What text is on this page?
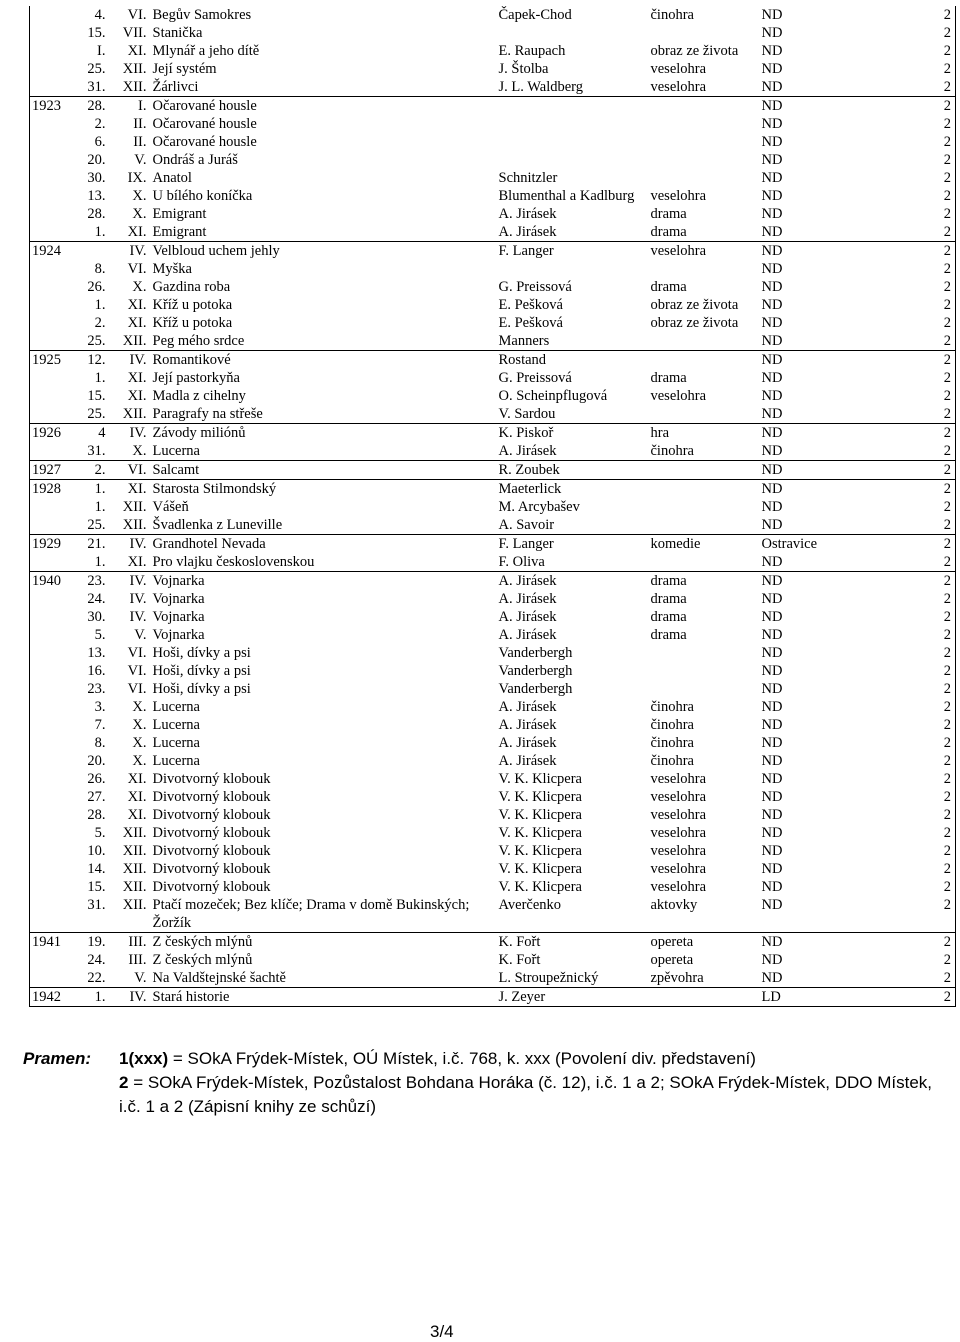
	4.	VI.	Begův Samokres	Čapek-Chod	činohra	ND	2
	15.	VII.	Stanička			ND	2
	I.	XI.	Mlynář a jeho dítě	E. Raupach	obraz ze života	ND	2
	25.	XII.	Její systém	J. Štolba	veselohra	ND	2
	31.	XII.	Žárlivci	J. L. Waldberg	veselohra	ND	2
1923	28.	I.	Očarované housle			ND	2
	2.	II.	Očarované housle			ND	2
	6.	II.	Očarované housle			ND	2
	20.	V.	Ondráš a Juráš			ND	2
	30.	IX.	Anatol	Schnitzler		ND	2
	13.	X.	U bílého koníčka	Blumenthal a Kadlburg	veselohra	ND	2
	28.	X.	Emigrant	A. Jirásek	drama	ND	2
	1.	XI.	Emigrant	A. Jirásek	drama	ND	2
1924		IV.	Velbloud uchem jehly	F. Langer	veselohra	ND	2
	8.	VI.	Myška			ND	2
	26.	X.	Gazdina roba	G. Preissová	drama	ND	2
	1.	XI.	Kříž u potoka	E. Pešková	obraz ze života	ND	2
	2.	XI.	Kříž u potoka	E. Pešková	obraz ze života	ND	2
	25.	XII.	Peg mého srdce	Manners		ND	2
1925	12.	IV.	Romantikové	Rostand		ND	2
	1.	XI.	Její pastorkyňa	G. Preissová	drama	ND	2
	15.	XI.	Madla z cihelny	O. Scheinpflugová	veselohra	ND	2
	25.	XII.	Paragrafy na střeše	V. Sardou		ND	2
1926	4	IV.	Závody miliónů	K. Piskoř	hra	ND	2
	31.	X.	Lucerna	A. Jirásek	činohra	ND	2
1927	2.	VI.	Salcamt	R. Zoubek		ND	2
1928	1.	XI.	Starosta Stilmondský	Maeterlick		ND	2
	1.	XII.	Vášeň	M. Arcybašev		ND	2
	25.	XII.	Švadlenka z Luneville	A. Savoir		ND	2
1929	21.	IV.	Grandhotel Nevada	F. Langer	komedie	Ostravice	2
	1.	XI.	Pro vlajku československou	F. Oliva		ND	2
1940	23.	IV.	Vojnarka	A. Jirásek	drama	ND	2
	24.	IV.	Vojnarka	A. Jirásek	drama	ND	2
	30.	IV.	Vojnarka	A. Jirásek	drama	ND	2
	5.	V.	Vojnarka	A. Jirásek	drama	ND	2
	13.	VI.	Hoši, dívky a psi	Vanderbergh		ND	2
	16.	VI.	Hoši, dívky a psi	Vanderbergh		ND	2
	23.	VI.	Hoši, dívky a psi	Vanderbergh		ND	2
	3.	X.	Lucerna	A. Jirásek	činohra	ND	2
	7.	X.	Lucerna	A. Jirásek	činohra	ND	2
	8.	X.	Lucerna	A. Jirásek	činohra	ND	2
	20.	X.	Lucerna	A. Jirásek	činohra	ND	2
	26.	XI.	Divotvorný klobouk	V. K. Klicpera	veselohra	ND	2
	27.	XI.	Divotvorný klobouk	V. K. Klicpera	veselohra	ND	2
	28.	XI.	Divotvorný klobouk	V. K. Klicpera	veselohra	ND	2
	5.	XII.	Divotvorný klobouk	V. K. Klicpera	veselohra	ND	2
	10.	XII.	Divotvorný klobouk	V. K. Klicpera	veselohra	ND	2
	14.	XII.	Divotvorný klobouk	V. K. Klicpera	veselohra	ND	2
	15.	XII.	Divotvorný klobouk	V. K. Klicpera	veselohra	ND	2
	31.	XII.	Ptačí mozeček; Bez klíče; Drama v domě Bukinských; Žoržík	Averčenko	aktovky	ND	2
1941	19.	III.	Z českých mlýnů	K. Fořt	opereta	ND	2
	24.	III.	Z českých mlýnů	K. Fořt	opereta	ND	2
	22.	V.	Na Valdštejnské šachtě	L. Stroupežnický	zpěvohra	ND	2
1942	1.	IV.	Stará historie	J. Zeyer		LD	2
Pramen: 1(xxx) = SOkA Frýdek-Místek, OÚ Místek, i.č. 768, k. xxx (Povolení div. představení)
2 = SOkA Frýdek-Místek, Pozůstalost Bohdana Horáka (č. 12), i.č. 1 a 2; SOkA Frýdek-Místek, DDO Místek, i.č. 1 a 2 (Zápisní knihy ze schůzí)
3/4
